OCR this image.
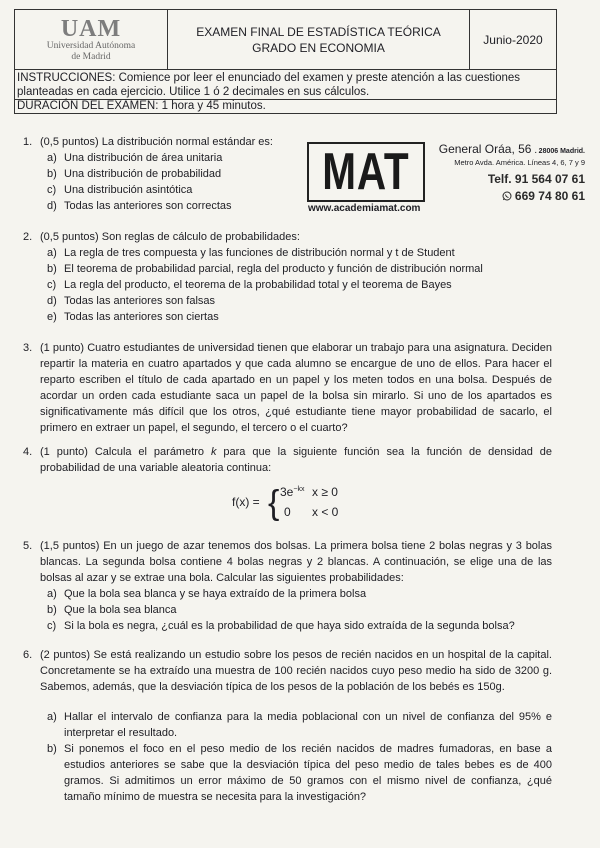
UAM
Universidad Autónoma de Madrid
EXAMEN FINAL DE ESTADÍSTICA TEÓRICA
GRADO EN ECONOMIA
Junio-2020
INSTRUCCIONES: Comience por leer el enunciado del examen y preste atención a las cuestiones planteadas en cada ejercicio. Utilice 1 ó 2 decimales en sus cálculos.
DURACIÓN DEL EXAMEN: 1 hora y 45 minutos.
MAT
www.academiamat.com
General Oráa, 56 . 28006 Madrid.
Metro Avda. América. Líneas 4, 6, 7 y 9
Telf. 91 564 07 61
669 74 80 61
1. (0,5 puntos) La distribución normal estándar es:

a) Una distribución de área unitaria
b) Una distribución de probabilidad
c) Una distribución asintótica
d) Todas las anteriores son correctas
2. (0,5 puntos) Son reglas de cálculo de probabilidades:

a) La regla de tres compuesta y las funciones de distribución normal y t de Student
b) El teorema de probabilidad parcial, regla del producto y función de distribución normal
c) La regla del producto, el teorema de la probabilidad total y el teorema de Bayes
d) Todas las anteriores son falsas
e) Todas las anteriores son ciertas
3. (1 punto) Cuatro estudiantes de universidad tienen que elaborar un trabajo para una asignatura. Deciden repartir la materia en cuatro apartados y que cada alumno se encargue de uno de ellos. Para hacer el reparto escriben el título de cada apartado en un papel y los meten todos en una bolsa. Después de acordar un orden cada estudiante saca un papel de la bolsa sin mirarlo. Si uno de los apartados es significativamente más difícil que los otros, ¿qué estudiante tiene mayor probabilidad de sacarlo, el primero en extraer un papel, el segundo, el tercero o el cuarto?

4. (1 punto) Calcula el parámetro k para que la siguiente función sea la función de densidad de probabilidad de una variable aleatoria continua:

f(x) = { $3e^{-kx}$ x ≥ 0
0 x < 0
5. (1,5 puntos) En un juego de azar tenemos dos bolsas. La primera bolsa tiene 2 bolas negras y 3 bolas blancas. La segunda bolsa contiene 4 bolas negras y 2 blancas. A continuación, se elige una de las bolsas al azar y se extrae una bola. Calcular las siguientes probabilidades:

a) Que la bola sea blanca y se haya extraído de la primera bolsa
b) Que la bola sea blanca
c) Si la bola es negra, ¿cuál es la probabilidad de que haya sido extraída de la segunda bolsa?
6. (2 puntos) Se está realizando un estudio sobre los pesos de recién nacidos en un hospital de la capital. Concretamente se ha extraído una muestra de 100 recién nacidos cuyo peso medio ha sido de 3200 g. Sabemos, además, que la desviación típica de los pesos de la población de los bebés es 150g.

a) Hallar el intervalo de confianza para la media poblacional con un nivel de confianza del 95% e interpretar el resultado.
b) Si ponemos el foco en el peso medio de los recién nacidos de madres fumadoras, en base a estudios anteriores se sabe que la desviación típica del peso medio de tales bebes es de 400 gramos. Si admitimos un error máximo de 50 gramos con el mismo nivel de confianza, ¿qué tamaño mínimo de muestra se necesita para la investigación?
